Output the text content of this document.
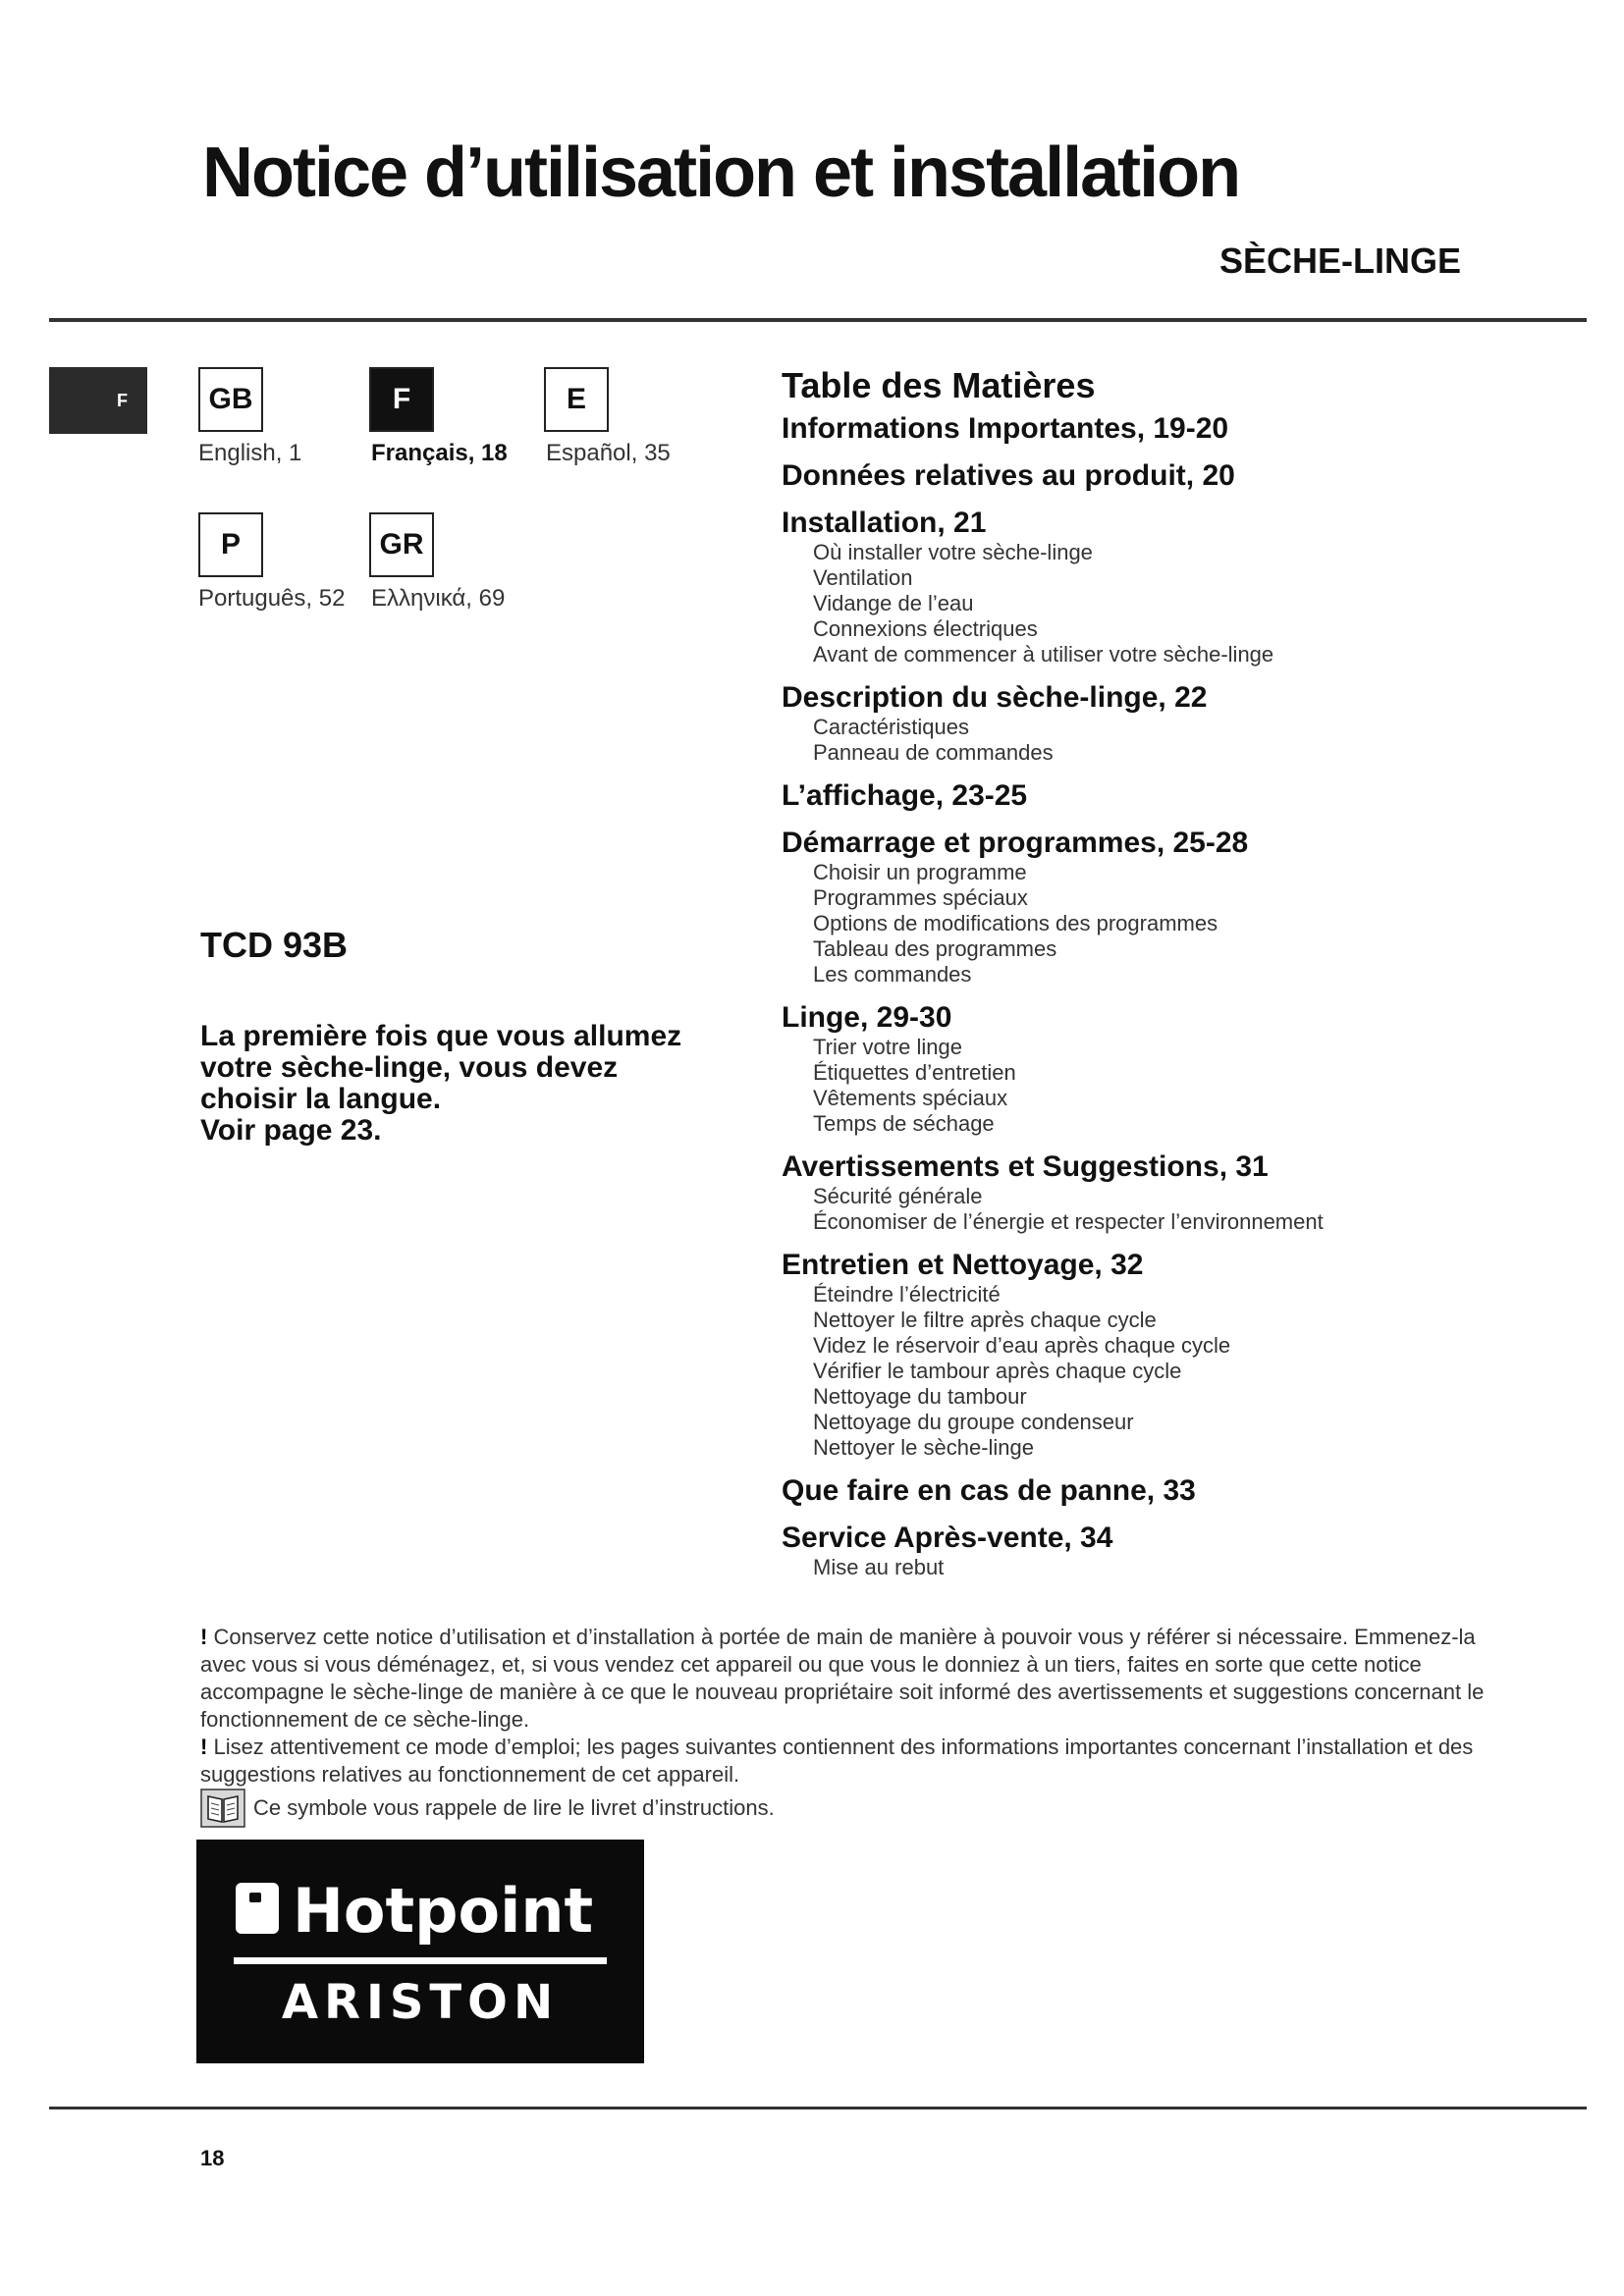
Notice d’utilisation et installation
SÈCHE-LINGE
F	GB
English, 1
F
Français, 18
E
Español, 35
P
Português, 52
GR
Ελληνικά, 69
TCD 93B
La première fois que vous allumez
votre sèche-linge, vous devez
choisir la langue.
Voir page 23.
Table des Matières
Informations Importantes, 19-20
Données relatives au produit, 20
Installation, 21
Où installer votre sèche-linge
Ventilation
Vidange de l’eau
Connexions électriques
Avant de commencer à utiliser votre sèche-linge
Description du sèche-linge, 22
Caractéristiques
Panneau de commandes
L’affichage, 23-25
Démarrage et programmes, 25-28
Choisir un programme
Programmes spéciaux
Options de modifications des programmes
Tableau des programmes
Les commandes
Linge, 29-30
Trier votre linge
Étiquettes d’entretien
Vêtements spéciaux
Temps de séchage
Avertissements et Suggestions, 31
Sécurité générale
Économiser de l’énergie et respecter l’environnement
Entretien et Nettoyage, 32
Éteindre l’électricité
Nettoyer le filtre après chaque cycle
Videz le réservoir d’eau après chaque cycle
Vérifier le tambour après chaque cycle
Nettoyage du tambour
Nettoyage du groupe condenseur
Nettoyer le sèche-linge
Que faire en cas de panne, 33
Service Après-vente, 34
Mise au rebut

! Conservez cette notice d’utilisation et d’installation à portée de main de manière à pouvoir vous y référer si nécessaire. Emmenez-la avec vous si vous déménagez, et, si vous vendez cet appareil ou que vous le donniez à un tiers, faites en sorte que cette notice accompagne le sèche-linge de manière à ce que le nouveau propriétaire soit informé des avertissements et suggestions concernant le fonctionnement de ce sèche-linge.

! Lisez attentivement ce mode d’emploi; les pages suivantes contiennent des informations importantes concernant l’installation et des suggestions relatives au fonctionnement de cet appareil.

Ce symbole vous rappele de lire le livret d’instructions.
Hotpoint
ARISTON
18
